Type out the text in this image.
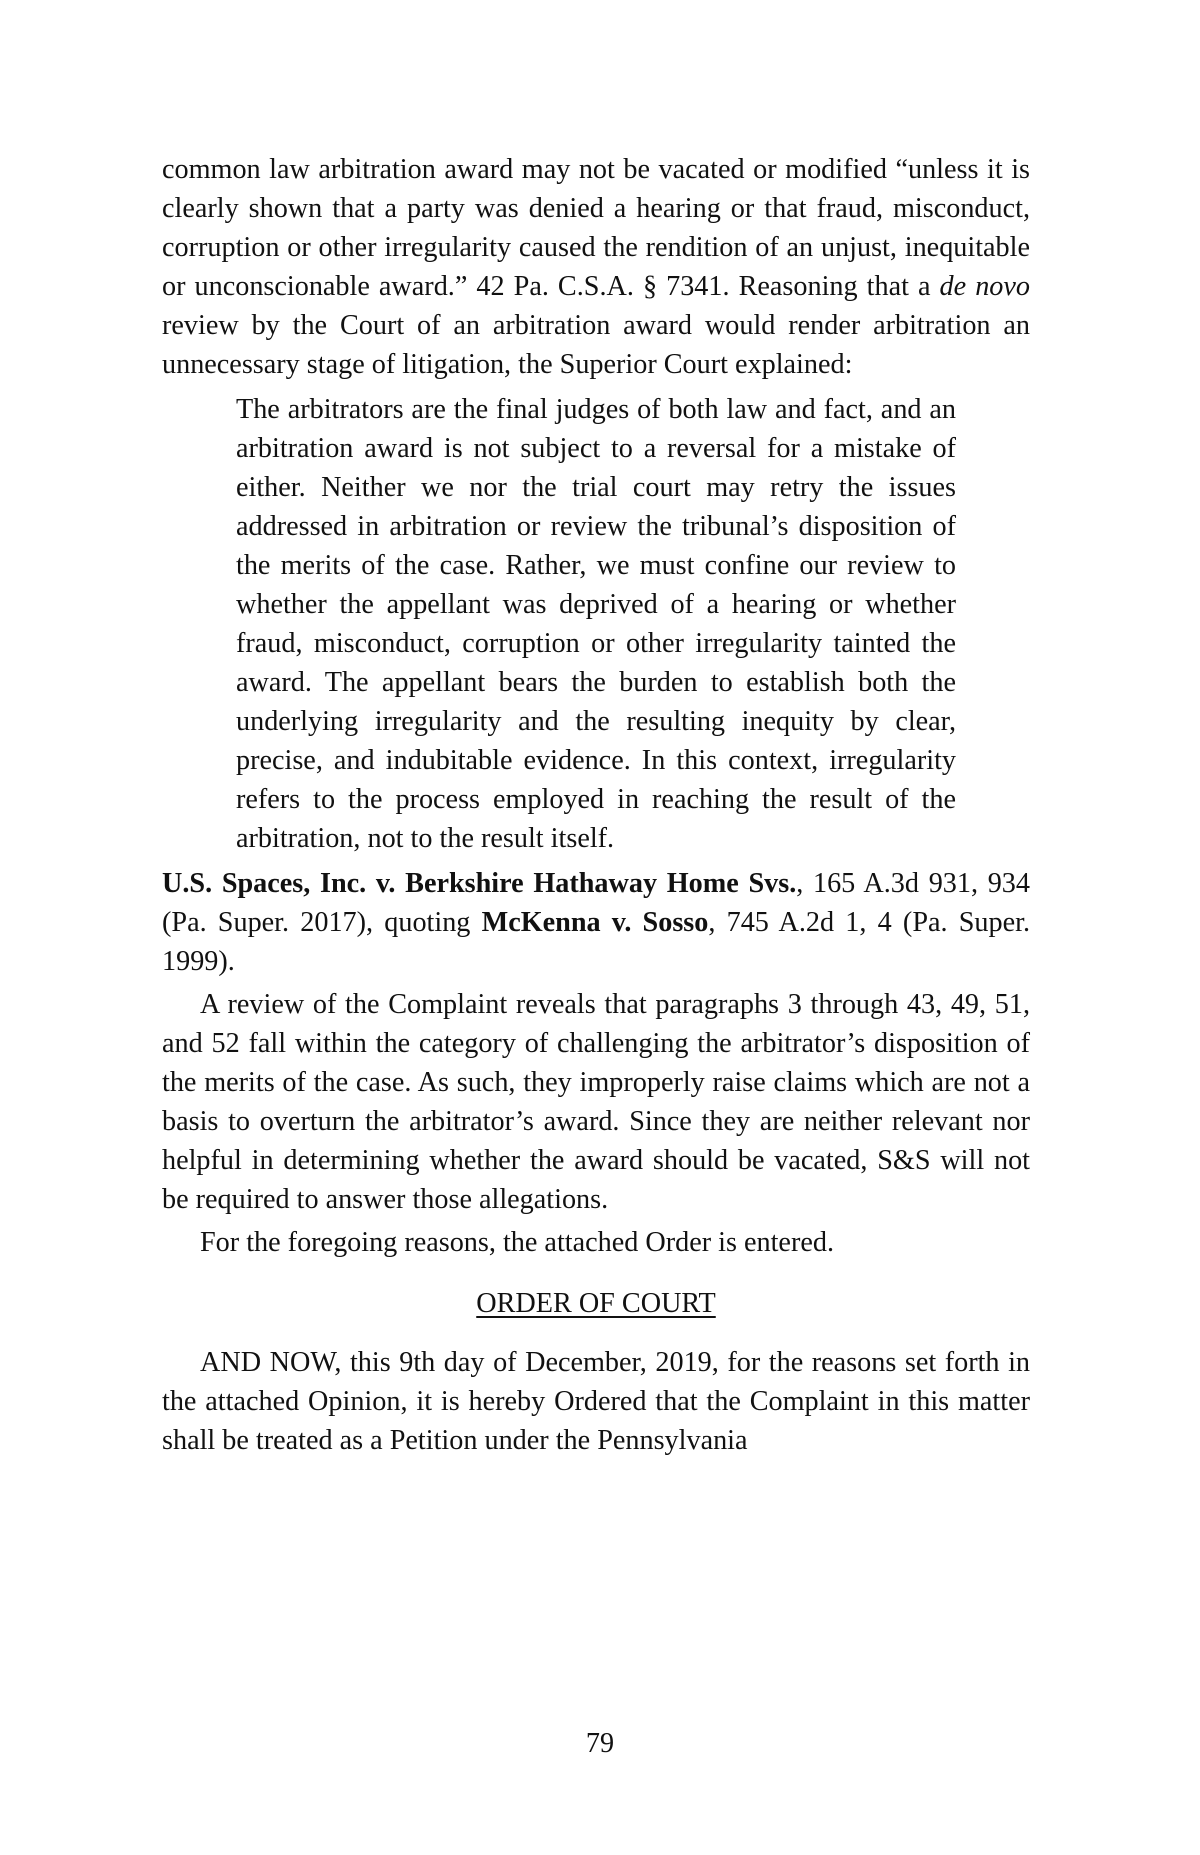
common law arbitration award may not be vacated or modified “unless it is clearly shown that a party was denied a hearing or that fraud, misconduct, corruption or other irregularity caused the rendition of an unjust, inequitable or unconscionable award.” 42 Pa. C.S.A. § 7341. Reasoning that a de novo review by the Court of an arbitration award would render arbitration an unnecessary stage of litigation, the Superior Court explained:

The arbitrators are the final judges of both law and fact, and an arbitration award is not subject to a reversal for a mistake of either. Neither we nor the trial court may retry the issues addressed in arbitration or review the tribunal’s disposition of the merits of the case. Rather, we must confine our review to whether the appellant was deprived of a hearing or whether fraud, misconduct, corruption or other irregularity tainted the award. The appellant bears the burden to establish both the underlying irregularity and the resulting inequity by clear, precise, and indubitable evidence. In this context, irregularity refers to the process employed in reaching the result of the arbitration, not to the result itself.

U.S. Spaces, Inc. v. Berkshire Hathaway Home Svs., 165 A.3d 931, 934 (Pa. Super. 2017), quoting McKenna v. Sosso, 745 A.2d 1, 4 (Pa. Super. 1999).

A review of the Complaint reveals that paragraphs 3 through 43, 49, 51, and 52 fall within the category of challenging the arbitrator’s disposition of the merits of the case. As such, they improperly raise claims which are not a basis to overturn the arbitrator’s award. Since they are neither relevant nor helpful in determining whether the award should be vacated, S&S will not be required to answer those allegations.

For the foregoing reasons, the attached Order is entered.

ORDER OF COURT

AND NOW, this 9th day of December, 2019, for the reasons set forth in the attached Opinion, it is hereby Ordered that the Complaint in this matter shall be treated as a Petition under the Pennsylvania

79
